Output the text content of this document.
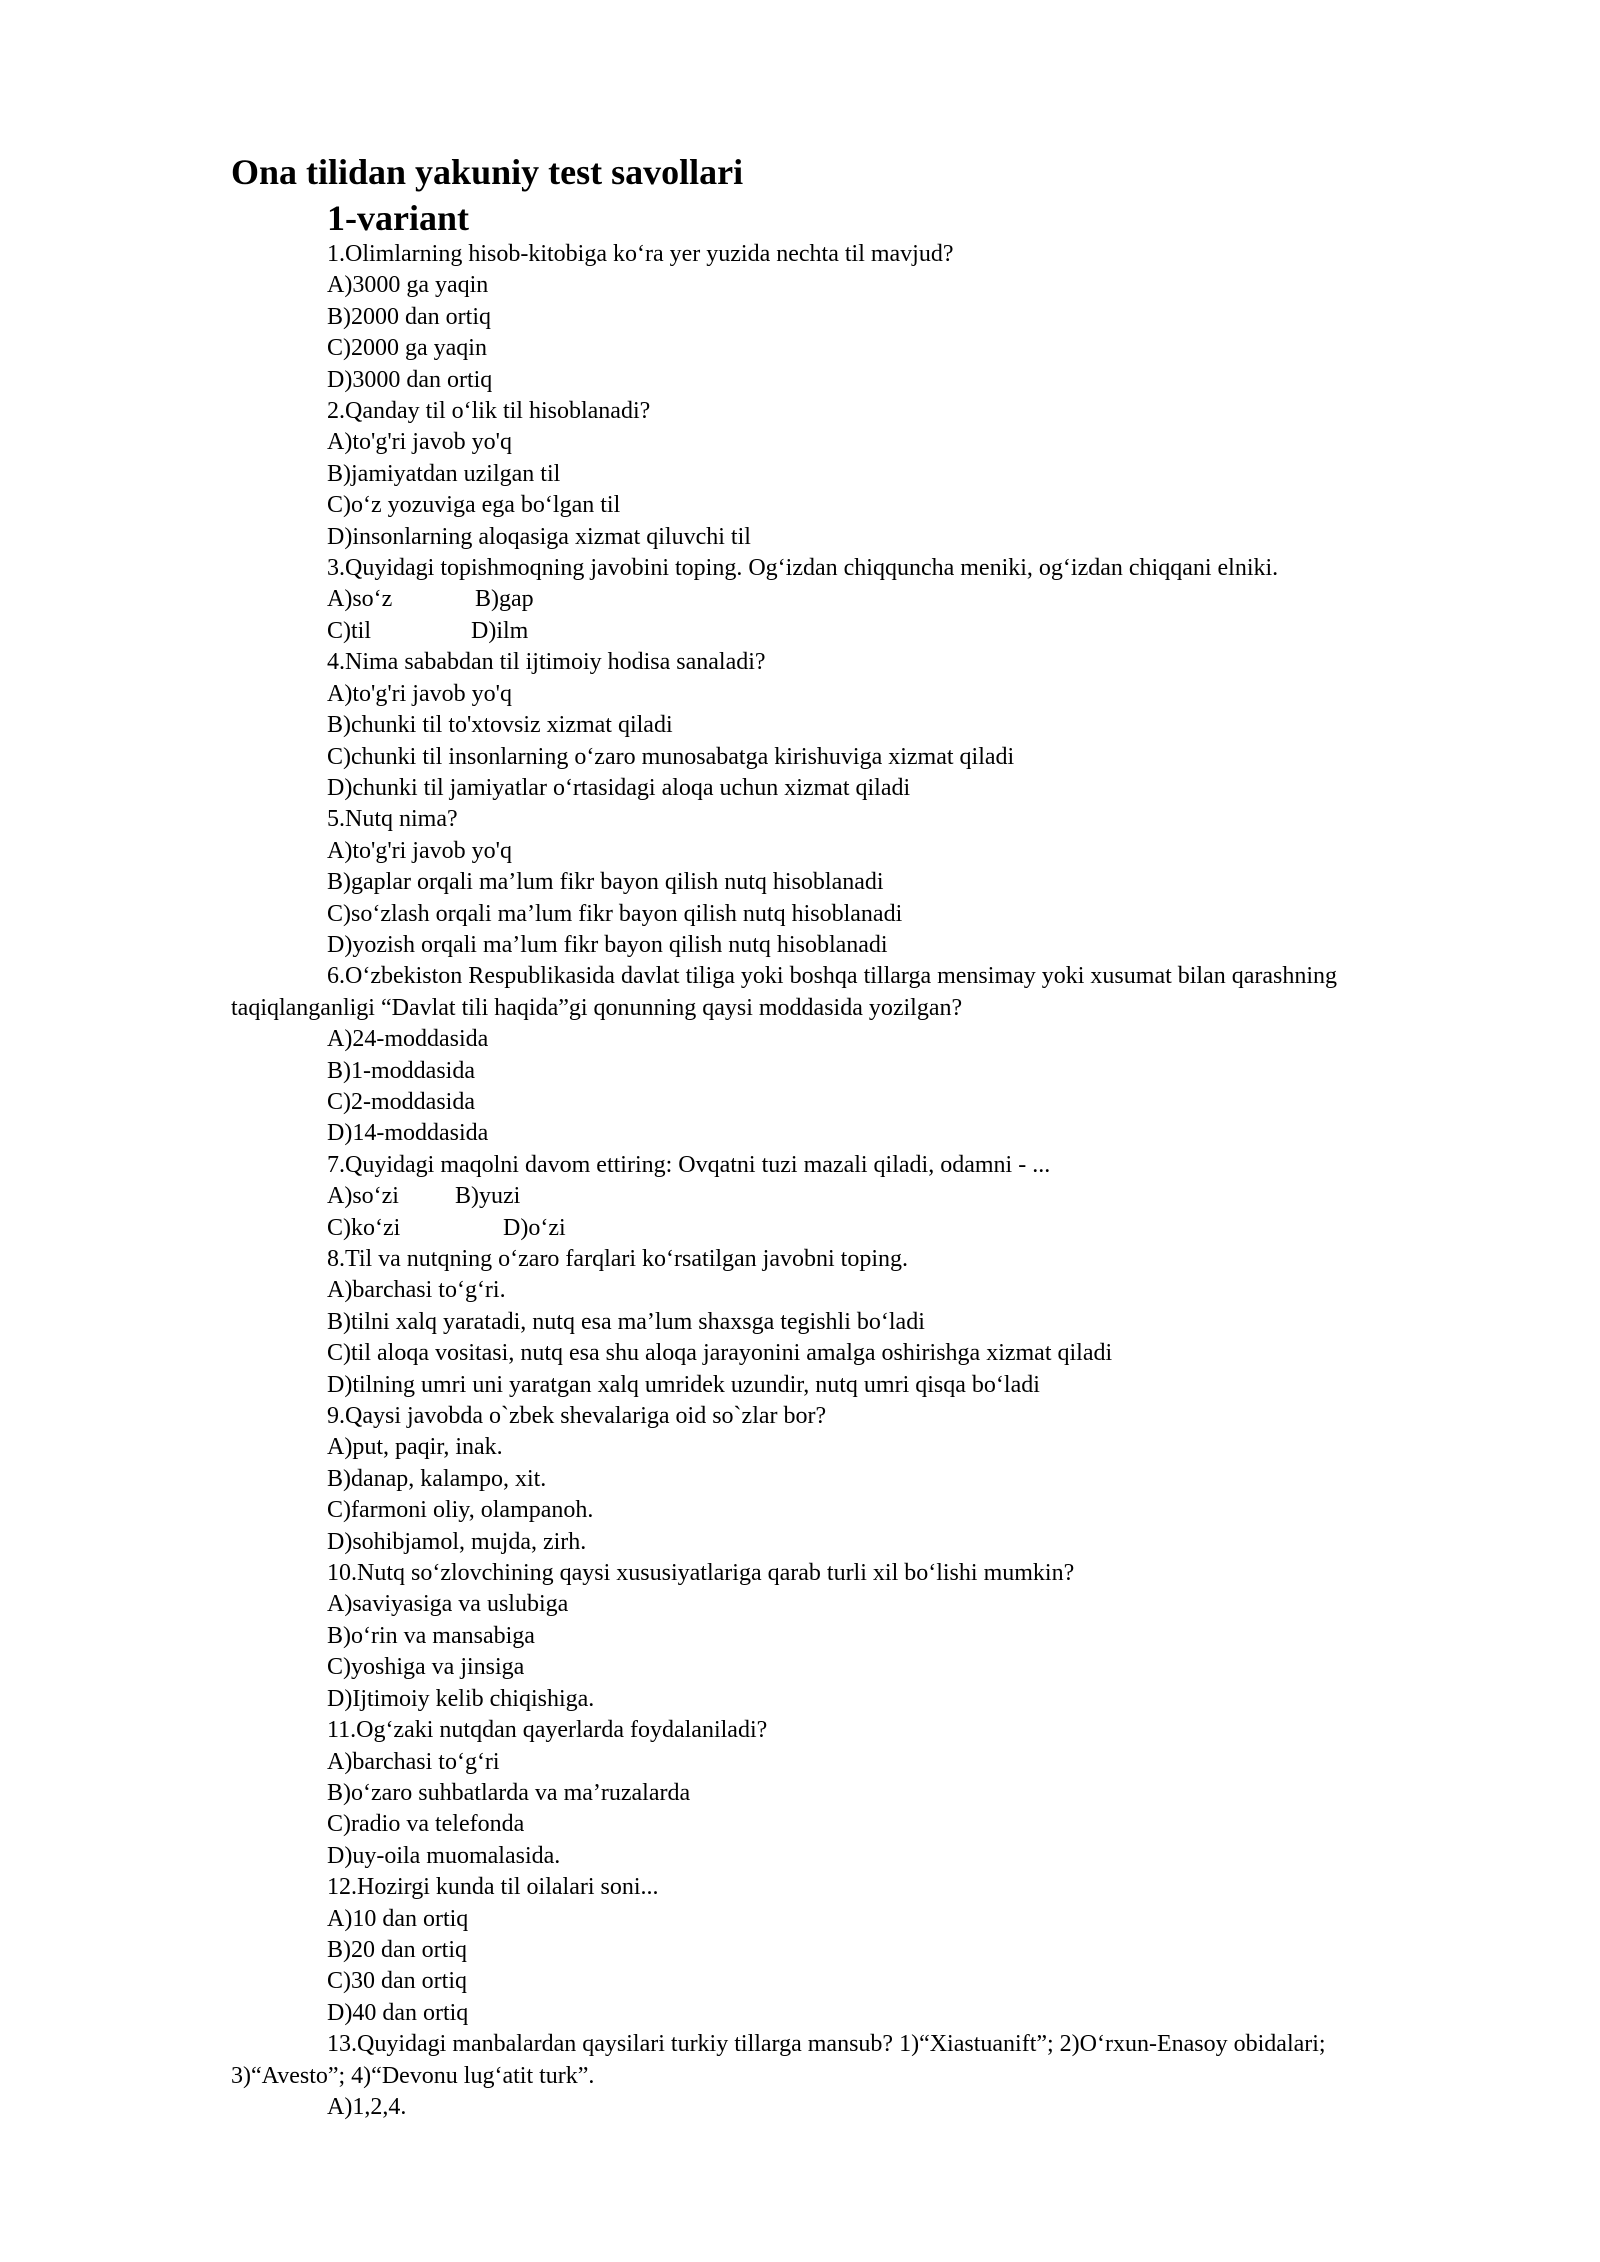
Ona tilidan yakuniy test savollari
1-variant
1.Olimlarning hisob-kitobiga ko‘ra yer yuzida nechta til mavjud?
A)3000 ga yaqin
B)2000 dan ortiq
C)2000 ga yaqin
D)3000 dan ortiq
2.Qanday til o‘lik til hisoblanadi?
A)to'g'ri javob yo'q
B)jamiyatdan uzilgan til
C)o‘z yozuviga ega bo‘lgan til
D)insonlarning aloqasiga xizmat qiluvchi til
3.Quyidagi topishmoqning javobini toping. Og‘izdan chiqquncha meniki, og‘izdan chiqqani elniki.
A)so‘z	B)gap
C)til	D)ilm
4.Nima sababdan til ijtimoiy hodisa sanaladi?
A)to'g'ri javob yo'q
B)chunki til to'xtovsiz xizmat qiladi
C)chunki til insonlarning o‘zaro munosabatga kirishuviga xizmat qiladi
D)chunki til jamiyatlar o‘rtasidagi aloqa uchun xizmat qiladi
5.Nutq nima?
A)to'g'ri javob yo'q
B)gaplar orqali ma’lum fikr bayon qilish nutq hisoblanadi
C)so‘zlash orqali ma’lum fikr bayon qilish nutq hisoblanadi
D)yozish orqali ma’lum fikr bayon qilish nutq hisoblanadi
6.O‘zbekiston Respublikasida davlat tiliga yoki boshqa tillarga mensimay yoki xusumat bilan qarashning
taqiqlanganligi “Davlat tili haqida”gi qonunning qaysi moddasida yozilgan?
A)24-moddasida
B)1-moddasida
C)2-moddasida
D)14-moddasida
7.Quyidagi maqolni davom ettiring: Ovqatni tuzi mazali qiladi, odamni - ...
A)so‘zi B)yuzi
C)ko‘zi	D)o‘zi
8.Til va nutqning o‘zaro farqlari ko‘rsatilgan javobni toping.
A)barchasi to‘g‘ri.
B)tilni xalq yaratadi, nutq esa ma’lum shaxsga tegishli bo‘ladi
C)til aloqa vositasi, nutq esa shu aloqa jarayonini amalga oshirishga xizmat qiladi
D)tilning umri uni yaratgan xalq umridek uzundir, nutq umri qisqa bo‘ladi
9.Qaysi javobda o`zbek shevalariga oid so`zlar bor?
A)put, paqir, inak.
B)danap, kalampo, xit.
C)farmoni oliy, olampanoh.
D)sohibjamol, mujda, zirh.
10.Nutq so‘zlovchining qaysi xususiyatlariga qarab turli xil bo‘lishi mumkin?
A)saviyasiga va uslubiga
B)o‘rin va mansabiga
C)yoshiga va jinsiga
D)Ijtimoiy kelib chiqishiga.
11.Og‘zaki nutqdan qayerlarda foydalaniladi?
A)barchasi to‘g‘ri
B)o‘zaro suhbatlarda va ma’ruzalarda
C)radio va telefonda
D)uy-oila muomalasida.
12.Hozirgi kunda til oilalari soni...
A)10 dan ortiq
B)20 dan ortiq
C)30 dan ortiq
D)40 dan ortiq
13.Quyidagi manbalardan qaysilari turkiy tillarga mansub? 1)“Xiastuanift”; 2)O‘rxun-Enasoy obidalari;
3)“Avesto”; 4)“Devonu lug‘atit turk”.
A)1,2,4.
